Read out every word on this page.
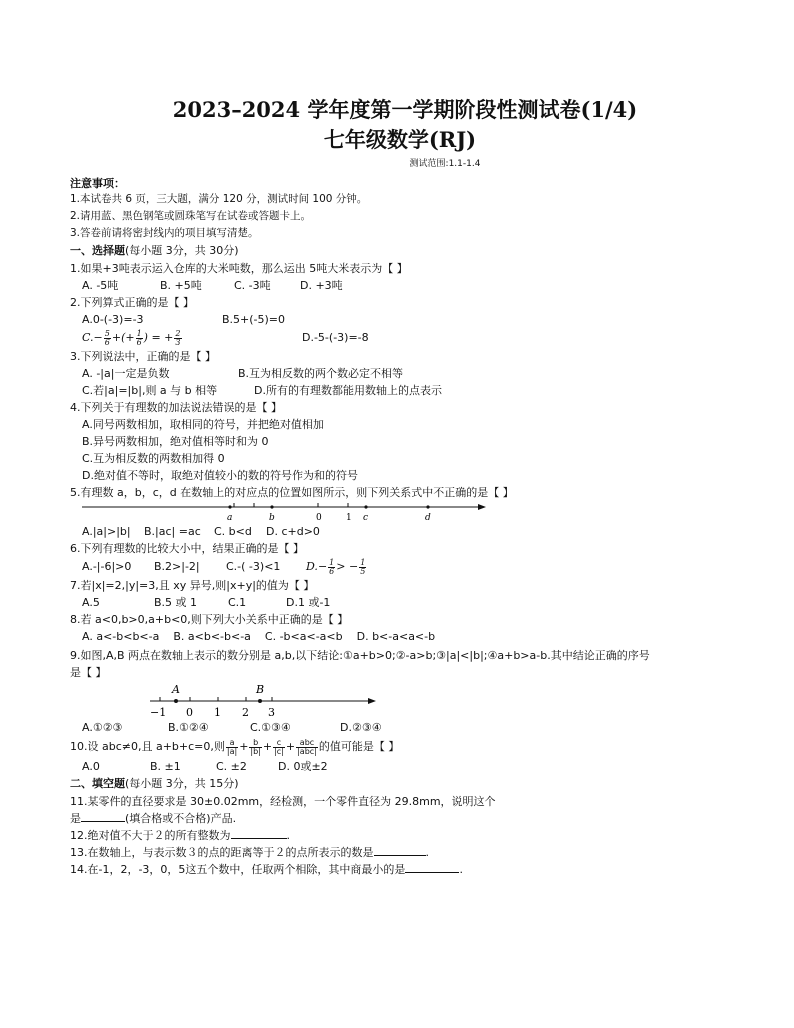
2023–2024 学年度第一学期阶段性测试卷(1/4)
七年级数学(RJ)
测试范围:1.1-1.4
注意事项：
1.本试卷共 6 页，三大题，满分 120 分，测试时间 100 分钟。
2.请用蓝、黑色钢笔或圆珠笔写在试卷或答题卡上。
3.答卷前请将密封线内的项目填写清楚。
一、选择题(每小题 3分，共 30分)
1.如果+3吨表示运入仓库的大米吨数，那么运出 5吨大米表示为【 】
A. -5吨	B. +5吨	C. -3吨	D. +3吨
2.下列算式正确的是【 】
A.0-(-3)=-3	B.5+(-5)=0
$C.- \frac{5}{6}$ +(+ $\frac{1}{6}$ ) = + $\frac{2}{3}$	D.-5-(-3)=-8
3.下列说法中，正确的是【 】
A. -|a|一定是负数	B.互为相反数的两个数必定不相等
C.若|a|=|b|,则 a 与 b 相等	D.所有的有理数都能用数轴上的点表示
4.下列关于有理数的加法说法错误的是【 】
A.同号两数相加，取相同的符号，并把绝对值相加
B.异号两数相加，绝对值相等时和为 0
C.互为相反数的两数相加得 0
D.绝对值不等时，取绝对值较小的数的符号作为和的符号
5.有理数 a，b，c，d 在数轴上的对应点的位置如图所示，则下列关系式中不正确的是【 】
a	b	0	1 c	d
A.|a|>|b| B.|ac| =ac C. b<d D. c+d>0
6.下列有理数的比较大小中，结果正确的是【 】
A.-|-6|>0 B.2>|-2| C.-( -3)<1 $D.- \frac{1}{6}$ > − $\frac{1}{5}$
7.若|x|=2,|y|=3,且 xy 异号,则|x+y|的值为【 】
A.5	B.5 或 1	C.1	D.1 或-1
8.若 a<0,b>0,a+b<0,则下列大小关系中正确的是【 】
A. a<-b<b<-a    B. a<b<-b<-a    C. -b<a<-a<b    D. b<-a<a<-b
9.如图,A,B 两点在数轴上表示的数分别是 a,b,以下结论:①a+b>0;②-a>b;③|a|<|b|;④a+b>a-b.其中结论正确的序号
是【 】
A	B
−1 0 1 2 3
A.①②③	B.①②④	C.①③④	D.②③④
10.设 abc≠0,且 a+b+c=0,则 $\frac{a}{|a|} + \frac{b}{|b|} + \frac{c}{|c|} + \frac{\text{abc}}{\text{|abc|}}$ 的值可能是【 】
A.0	B. ±1	C. ±2	D. 0或±2
二、填空题(每小题 3分，共 15分)
11.某零件的直径要求是 30±0.02mm，经检测，一个零件直径为 29.8mm，说明这个
是	(填合格或不合格)产品.
12.绝对值不大于２的所有整数为	.
13.在数轴上，与表示数３的点的距离等于２的点所表示的数是	.
14.在-1，2，-3，0，5这五个数中，任取两个相除，其中商最小的是	.
